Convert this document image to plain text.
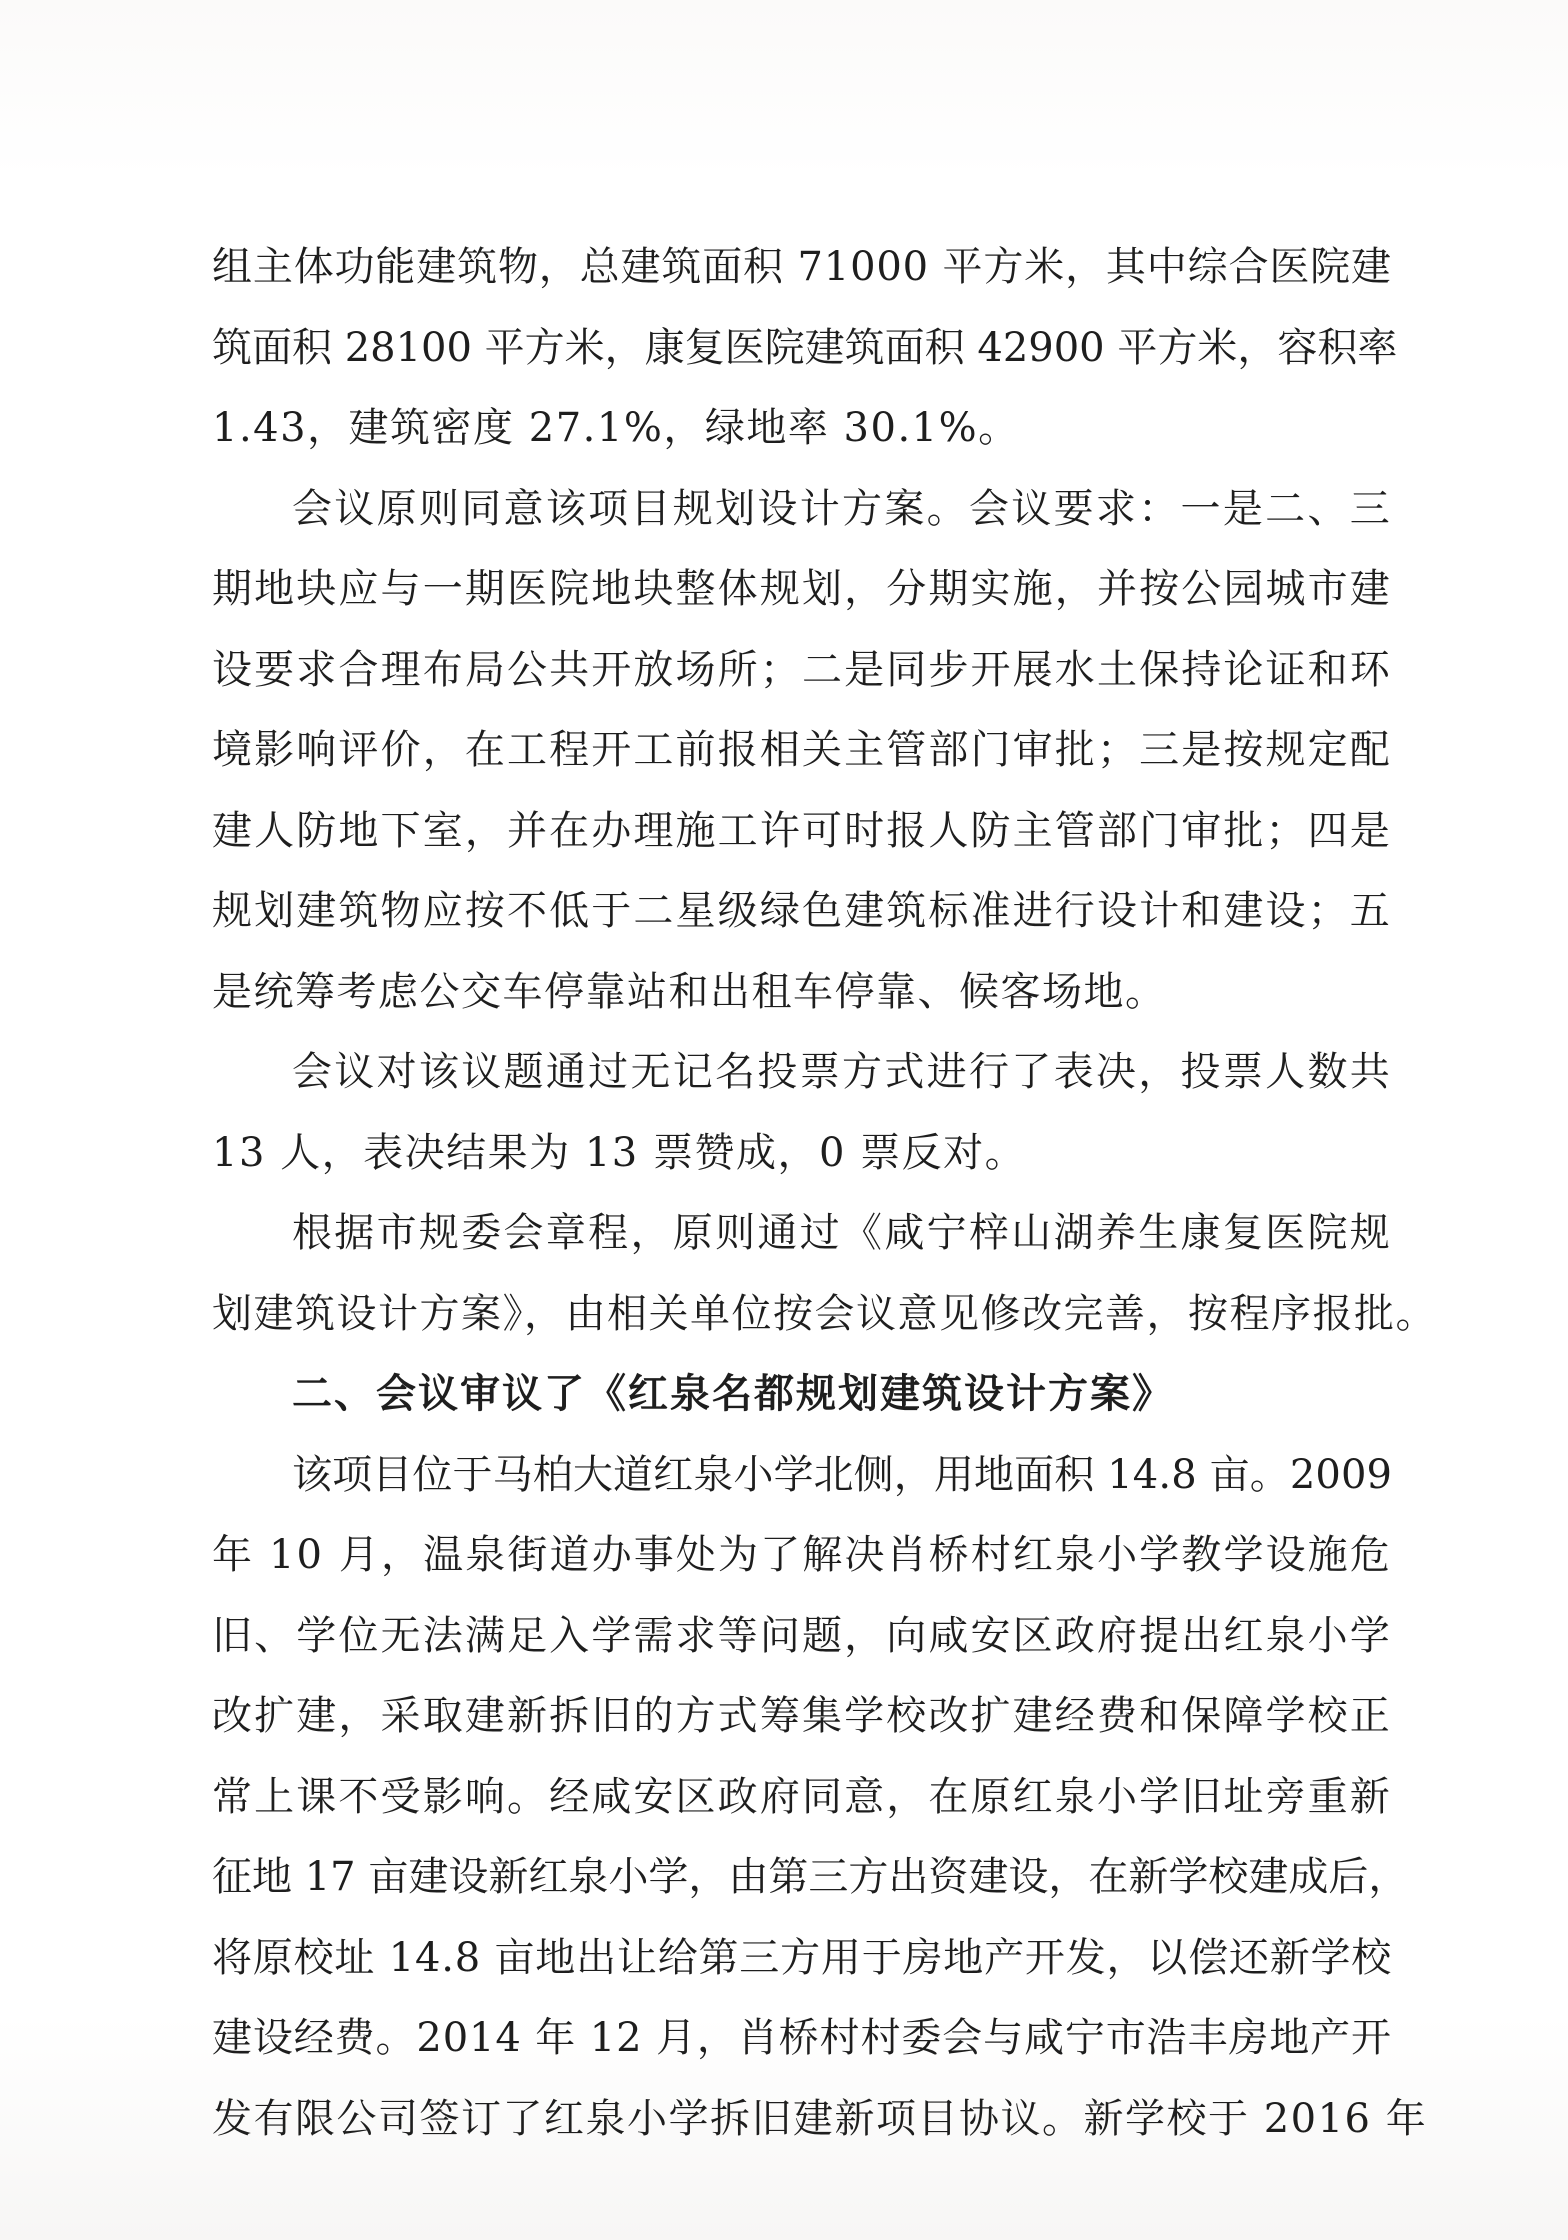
组主体功能建筑物，总建筑面积 71000 平方米，其中综合医院建
筑面积 28100 平方米，康复医院建筑面积 42900 平方米，容积率
1.43，建筑密度 27.1%，绿地率 30.1%。
会议原则同意该项目规划设计方案。会议要求：一是二、三
期地块应与一期医院地块整体规划，分期实施，并按公园城市建
设要求合理布局公共开放场所；二是同步开展水土保持论证和环
境影响评价，在工程开工前报相关主管部门审批；三是按规定配
建人防地下室，并在办理施工许可时报人防主管部门审批；四是
规划建筑物应按不低于二星级绿色建筑标准进行设计和建设；五
是统筹考虑公交车停靠站和出租车停靠、候客场地。
会议对该议题通过无记名投票方式进行了表决，投票人数共
13 人，表决结果为 13 票赞成，0 票反对。
根据市规委会章程，原则通过《咸宁梓山湖养生康复医院规
划建筑设计方案》，由相关单位按会议意见修改完善，按程序报批。
二、会议审议了《红泉名都规划建筑设计方案》
该项目位于马柏大道红泉小学北侧，用地面积 14.8 亩。2009
年 10 月，温泉街道办事处为了解决肖桥村红泉小学教学设施危
旧、学位无法满足入学需求等问题，向咸安区政府提出红泉小学
改扩建，采取建新拆旧的方式筹集学校改扩建经费和保障学校正
常上课不受影响。经咸安区政府同意，在原红泉小学旧址旁重新
征地 17 亩建设新红泉小学，由第三方出资建设，在新学校建成后，
将原校址 14.8 亩地出让给第三方用于房地产开发，以偿还新学校
建设经费。2014 年 12 月，肖桥村村委会与咸宁市浩丰房地产开
发有限公司签订了红泉小学拆旧建新项目协议。新学校于 2016 年
